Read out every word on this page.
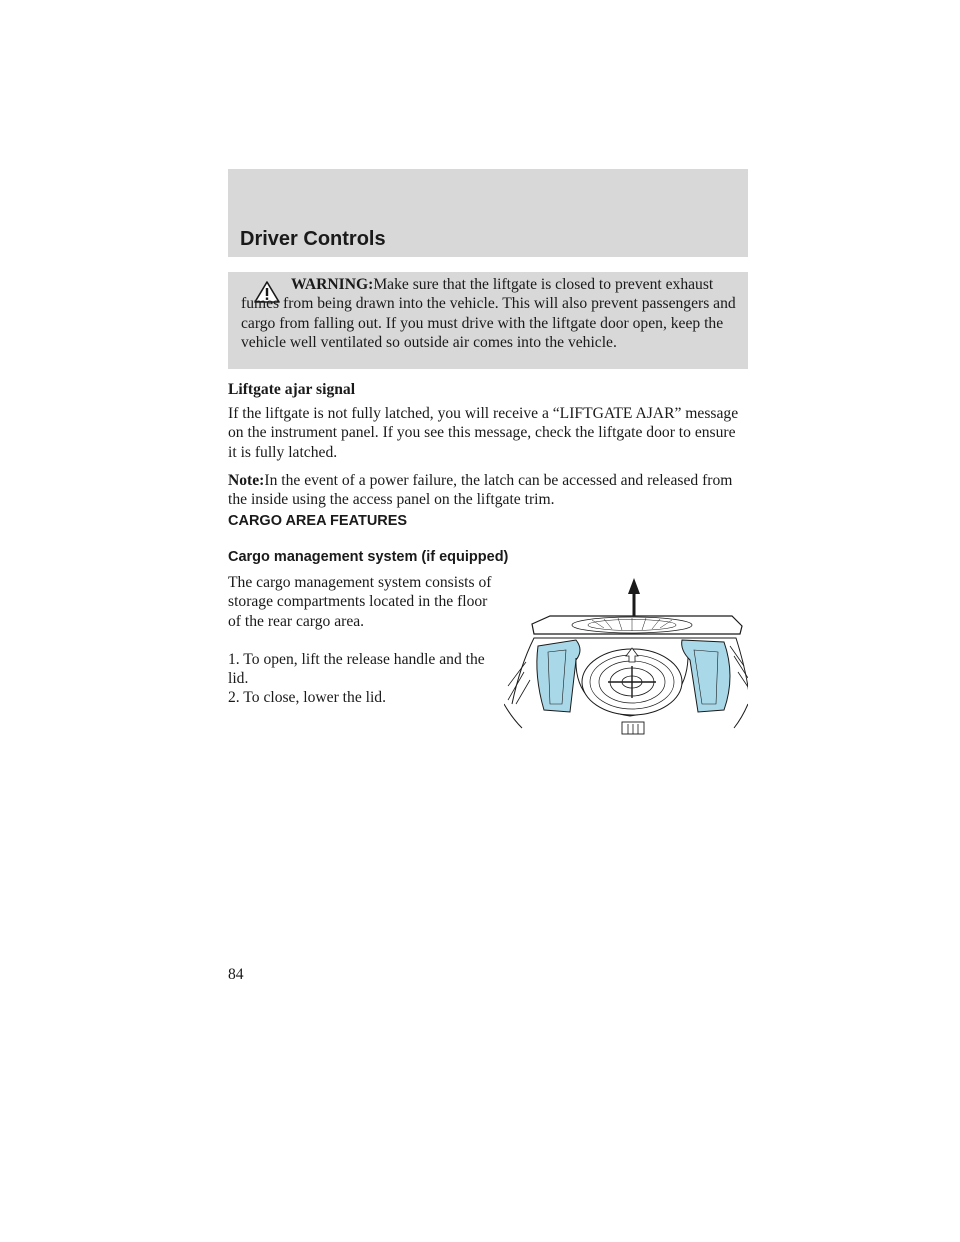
Driver Controls
WARNING:Make sure that the liftgate is closed to prevent exhaust fumes from being drawn into the vehicle. This will also prevent passengers and cargo from falling out. If you must drive with the liftgate door open, keep the vehicle well ventilated so outside air comes into the vehicle.

Liftgate ajar signal

If the liftgate is not fully latched, you will receive a “LIFTGATE AJAR” message on the instrument panel. If you see this message, check the liftgate door to ensure it is fully latched.

Note:In the event of a power failure, the latch can be accessed and released from the inside using the access panel on the liftgate trim.

CARGO AREA FEATURES
Cargo management system (if equipped)

The cargo management system consists of storage compartments located in the floor of the rear cargo area.

1. To open, lift the release handle and the lid.

2. To close, lower the lid.

84
